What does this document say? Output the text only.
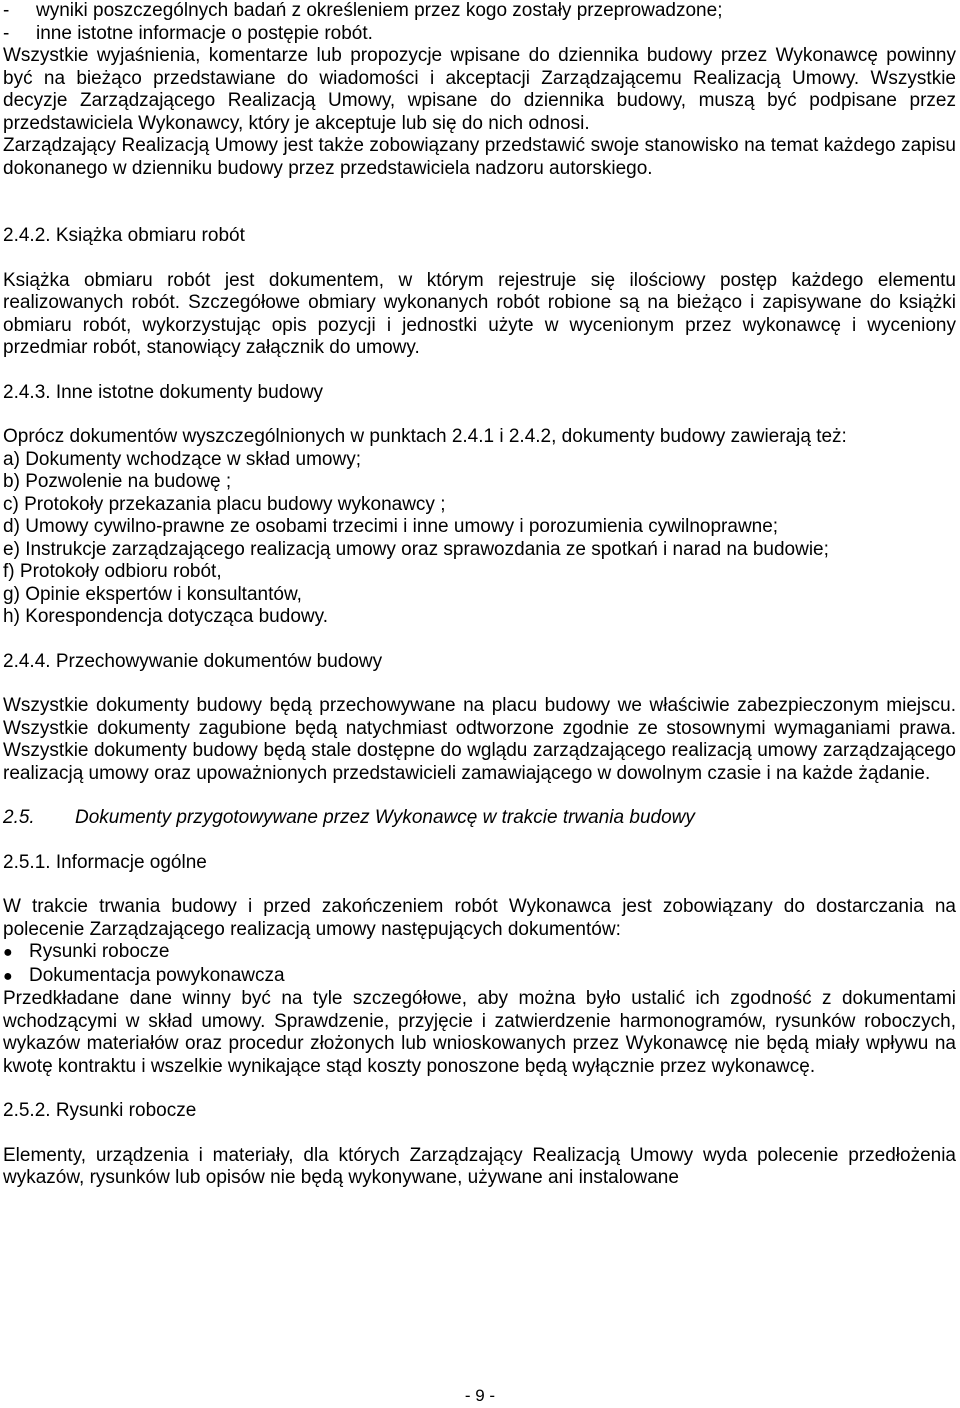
-	wyniki poszczególnych badań z określeniem przez kogo zostały przeprowadzone;
-	inne istotne informacje o postępie robót.

Wszystkie wyjaśnienia, komentarze lub propozycje wpisane do dziennika budowy przez Wykonawcę powinny być na bieżąco przedstawiane do wiadomości i akceptacji Zarządzającemu Realizacją Umowy. Wszystkie decyzje Zarządzającego Realizacją Umowy, wpisane do dziennika budowy, muszą być podpisane przez przedstawiciela Wykonawcy, który je akceptuje lub się do nich odnosi.

Zarządzający Realizacją Umowy jest także zobowiązany przedstawić swoje stanowisko na temat każdego zapisu dokonanego w dzienniku budowy przez przedstawiciela nadzoru autorskiego.

2.4.2. Książka obmiaru robót

Książka obmiaru robót jest dokumentem, w którym rejestruje się ilościowy postęp każdego elementu realizowanych robót. Szczegółowe obmiary wykonanych robót robione są na bieżąco i zapisywane do książki obmiaru robót, wykorzystując opis pozycji i jednostki użyte w wycenionym przez wykonawcę i wyceniony przedmiar robót, stanowiący załącznik do umowy.

2.4.3. Inne istotne dokumenty budowy

Oprócz dokumentów wyszczególnionych w punktach 2.4.1 i 2.4.2, dokumenty budowy zawierają też:

a) Dokumenty wchodzące w skład umowy;
b) Pozwolenie na budowę ;
c) Protokoły przekazania placu budowy wykonawcy ;
d) Umowy cywilno-prawne ze osobami trzecimi i inne umowy i porozumienia cywilnoprawne;
e) Instrukcje zarządzającego realizacją umowy oraz sprawozdania ze spotkań i narad na budowie;
f) Protokoły odbioru robót,
g) Opinie ekspertów i konsultantów,
h) Korespondencja dotycząca budowy.

2.4.4. Przechowywanie dokumentów budowy

Wszystkie dokumenty budowy będą przechowywane na placu budowy we właściwie zabezpieczonym miejscu. Wszystkie dokumenty zagubione będą natychmiast odtworzone zgodnie ze stosownymi wymaganiami prawa. Wszystkie dokumenty budowy będą stale dostępne do wglądu zarządzającego realizacją umowy zarządzającego realizacją umowy oraz upoważnionych przedstawicieli zamawiającego w dowolnym czasie i na każde żądanie.

2.5. Dokumenty przygotowywane przez Wykonawcę w trakcie trwania budowy

2.5.1. Informacje ogólne

W trakcie trwania budowy i przed zakończeniem robót Wykonawca jest zobowiązany do dostarczania na polecenie Zarządzającego realizacją umowy następujących dokumentów:

● Rysunki robocze
● Dokumentacja powykonawcza

Przedkładane dane winny być na tyle szczegółowe, aby można było ustalić ich zgodność z dokumentami wchodzącymi w skład umowy. Sprawdzenie, przyjęcie i zatwierdzenie harmonogramów, rysunków roboczych, wykazów materiałów oraz procedur złożonych lub wnioskowanych przez Wykonawcę nie będą miały wpływu na kwotę kontraktu i wszelkie wynikające stąd koszty ponoszone będą wyłącznie przez wykonawcę.

2.5.2. Rysunki robocze

Elementy, urządzenia i materiały, dla których Zarządzający Realizacją Umowy wyda polecenie przedłożenia wykazów, rysunków lub opisów nie będą wykonywane, używane ani instalowane

- 9 -
